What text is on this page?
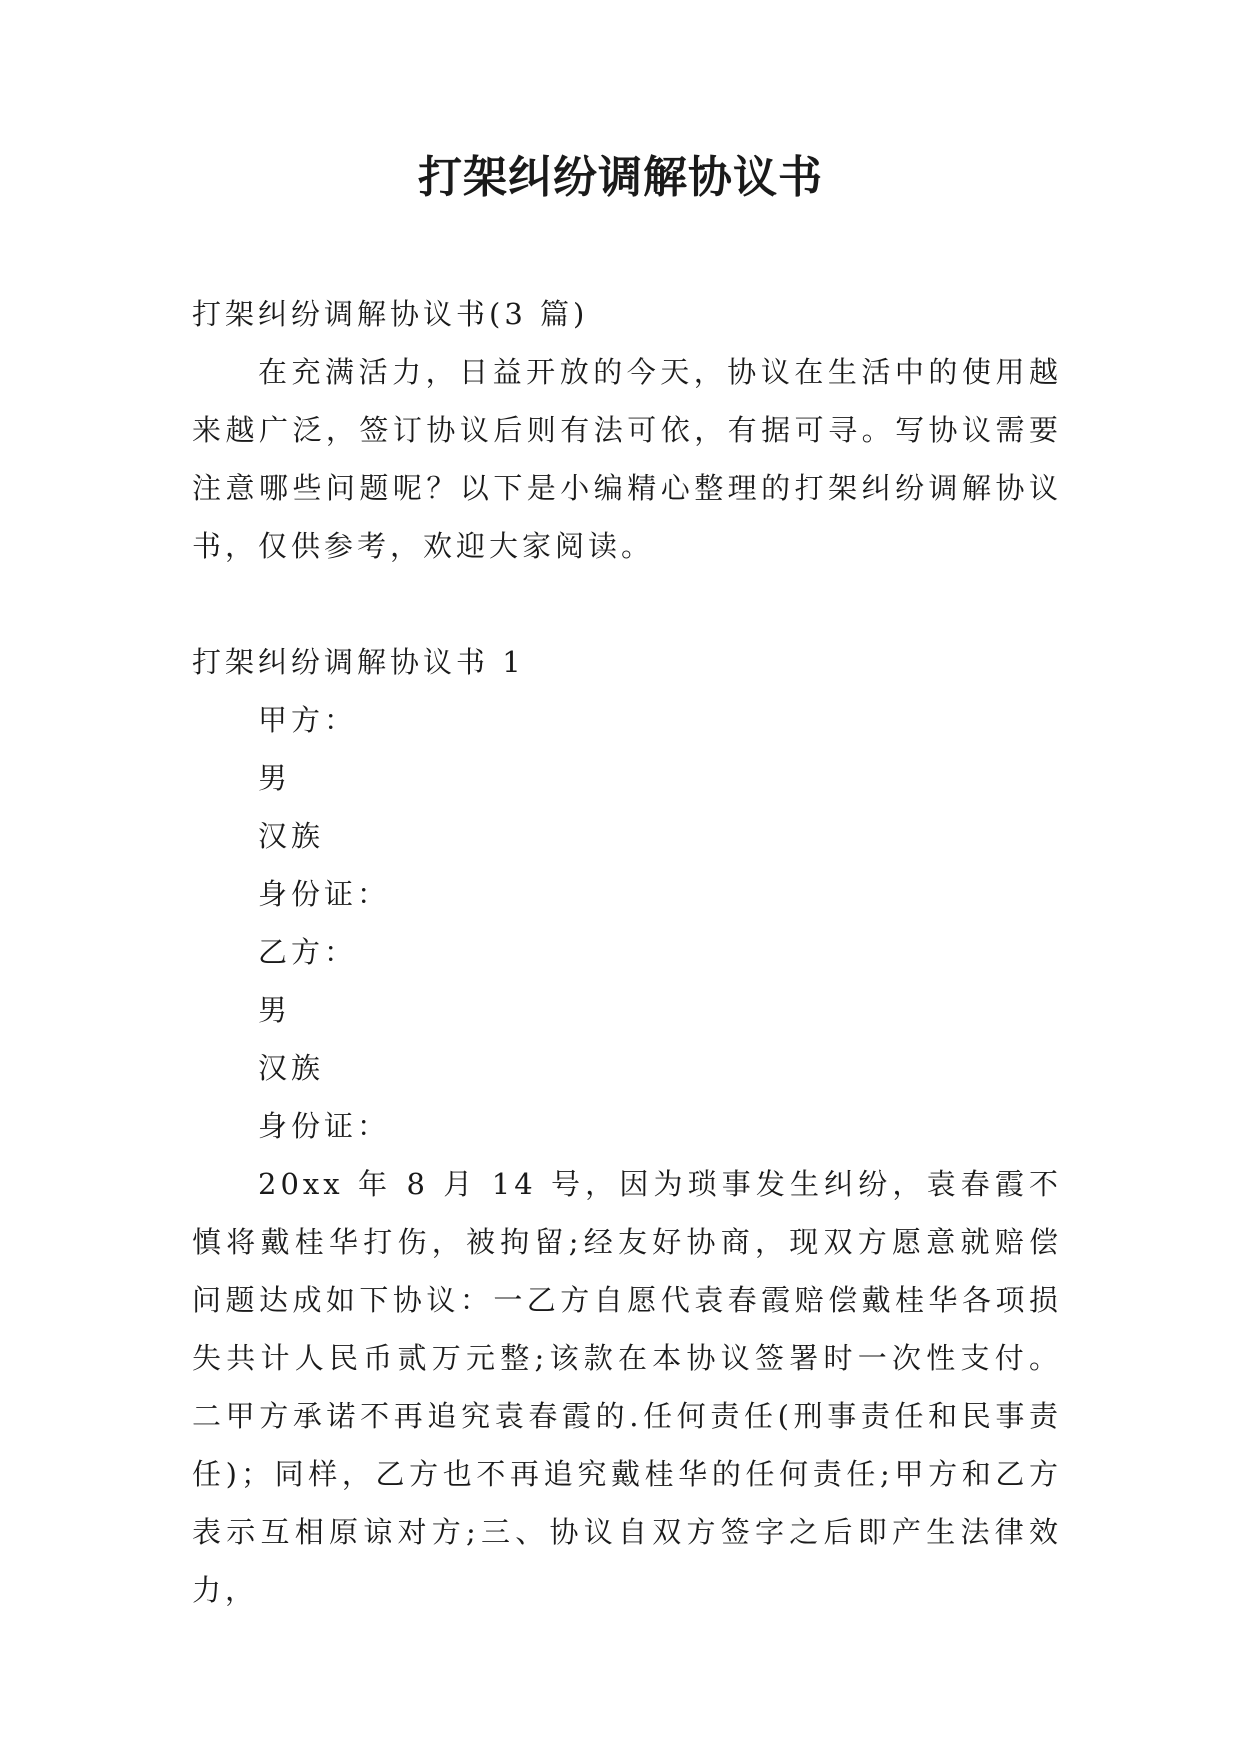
打架纠纷调解协议书

打架纠纷调解协议书(3 篇)

在充满活力，日益开放的今天，协议在生活中的使用越来越广泛，签订协议后则有法可依，有据可寻。写协议需要注意哪些问题呢？以下是小编精心整理的打架纠纷调解协议书，仅供参考，欢迎大家阅读。

打架纠纷调解协议书 1

甲方：

男

汉族

身份证：

乙方：

男

汉族

身份证：

20xx 年 8 月 14 号，因为琐事发生纠纷，袁春霞不慎将戴桂华打伤，被拘留;经友好协商，现双方愿意就赔偿问题达成如下协议：一乙方自愿代袁春霞赔偿戴桂华各项损失共计人民币贰万元整;该款在本协议签署时一次性支付。二甲方承诺不再追究袁春霞的.任何责任(刑事责任和民事责任)；同样，乙方也不再追究戴桂华的任何责任;甲方和乙方表示互相原谅对方;三、协议自双方签字之后即产生法律效力，
